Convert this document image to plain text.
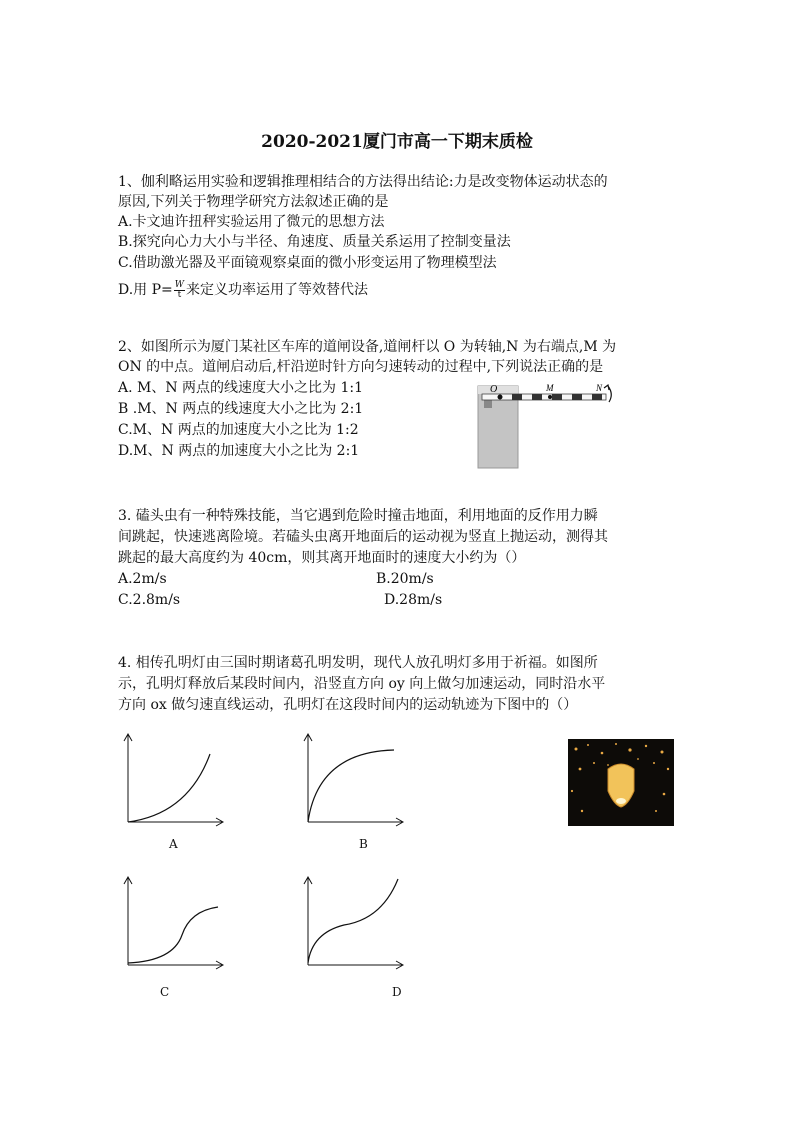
2020-2021厦门市高一下期末质检
1、伽利略运用实验和逻辑推理相结合的方法得出结论:力是改变物体运动状态的
原因,下列关于物理学研究方法叙述正确的是
A.卡文迪许扭秤实验运用了微元的思想方法
B.探究向心力大小与半径、角速度、质量关系运用了控制变量法
C.借助激光器及平面镜观察桌面的微小形变运用了物理模型法
D.用 $P= \frac{W}{t}$ 来定义功率运用了等效替代法
2、如图所示为厦门某社区车库的道闸设备,道闸杆以 O 为转轴,N 为右端点,M 为
ON 的中点。道闸启动后,杆沿逆时针方向匀速转动的过程中,下列说法正确的是
A. M、N 两点的线速度大小之比为 1:1
B .M、N 两点的线速度大小之比为 2:1
C.M、N 两点的加速度大小之比为 1:2
D.M、N 两点的加速度大小之比为 2:1
O	M	N
3. 磕头虫有一种特殊技能，当它遇到危险时撞击地面，利用地面的反作用力瞬
间跳起，快速逃离险境。若磕头虫离开地面后的运动视为竖直上抛运动，测得其
跳起的最大高度约为 40cm，则其离开地面时的速度大小约为（）
A.2m/s	B.20m/s
C.2.8m/s	D.28m/s
4. 相传孔明灯由三国时期诸葛孔明发明，现代人放孔明灯多用于祈福。如图所
示，孔明灯释放后某段时间内，沿竖直方向 oy 向上做匀加速运动，同时沿水平
方向 ox 做匀速直线运动，孔明灯在这段时间内的运动轨迹为下图中的（）
A	B
C	D
